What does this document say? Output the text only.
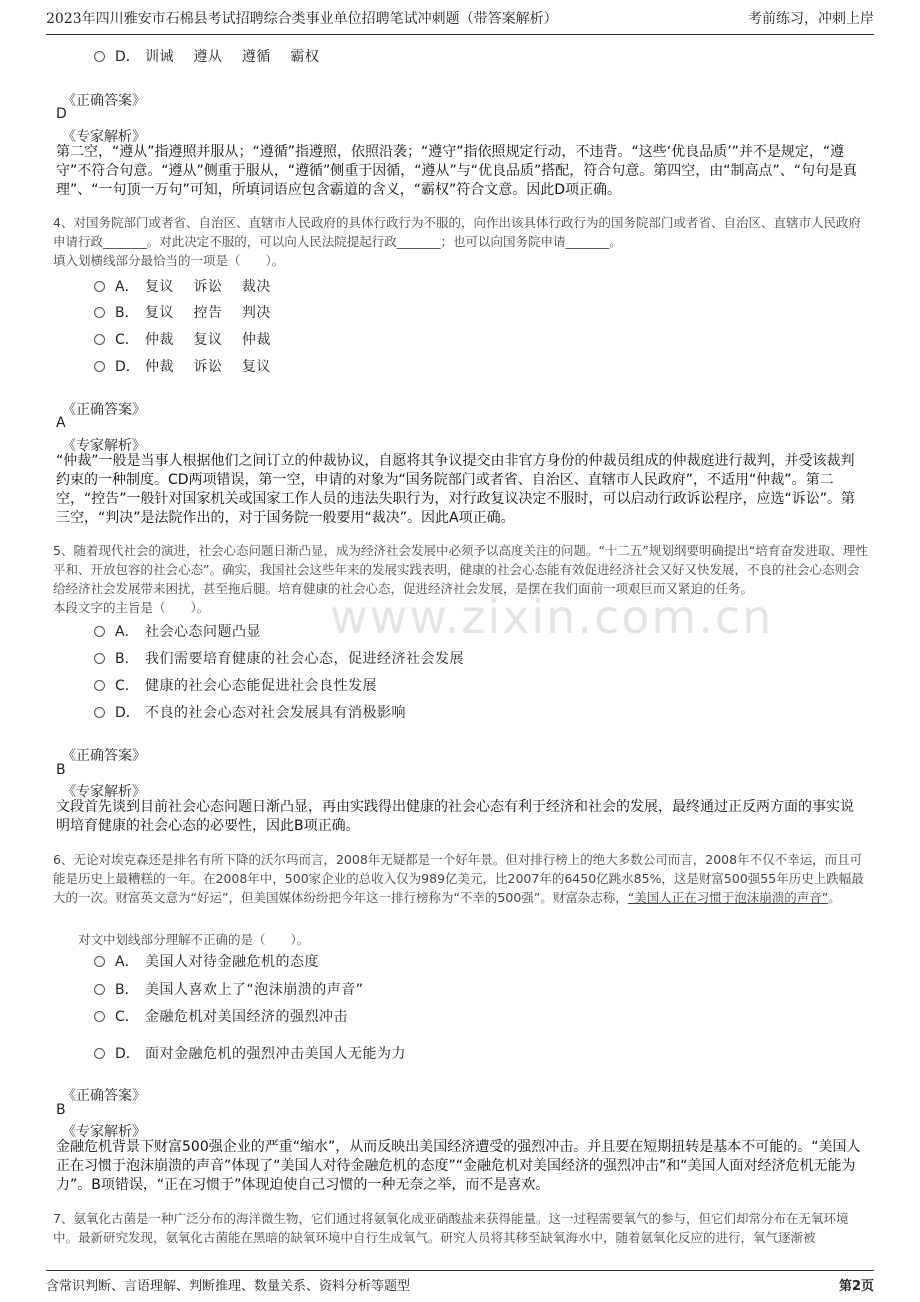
2023年四川雅安市石棉县考试招聘综合类事业单位招聘笔试冲刺题（带答案解析）	考前练习，冲刺上岸
www.zixin.com.cn
D． 训诫　 遵从　 遵循　 霸权
《正确答案》
D
《专家解析》
第二空，“遵从”指遵照并服从；“遵循”指遵照，依照沿袭；“遵守”指依照规定行动，不违背。“这些‘优良品质’”并不是规定，“遵守”不符合句意。“遵从”侧重于服从，“遵循”侧重于因循，“遵从”与“优良品质”搭配，符合句意。第四空，由“制高点”、“句句是真理”、“一句顶一万句”可知，所填词语应包含霸道的含义，“霸权”符合文意。因此D项正确。
4、对国务院部门或者省、自治区、直辖市人民政府的具体行政行为不服的，向作出该具体行政行为的国务院部门或者省、自治区、直辖市人民政府申请行政_______。对此决定不服的，可以向人民法院提起行政_______；也可以向国务院申请_______。
填入划横线部分最恰当的一项是（　　）。
A． 复议　 诉讼　 裁决
B． 复议　 控告　 判决
C． 仲裁　 复议　 仲裁
D． 仲裁　 诉讼　 复议
《正确答案》
A
《专家解析》
“仲裁”一般是当事人根据他们之间订立的仲裁协议，自愿将其争议提交由非官方身份的仲裁员组成的仲裁庭进行裁判，并受该裁判约束的一种制度。CD两项错误，第一空，申请的对象为“国务院部门或者省、自治区、直辖市人民政府”，不适用“仲裁”。第二空，“控告”一般针对国家机关或国家工作人员的违法失职行为，对行政复议决定不服时，可以启动行政诉讼程序，应选“诉讼”。第三空，“判决”是法院作出的，对于国务院一般要用“裁决”。因此A项正确。
5、随着现代社会的演进，社会心态问题日渐凸显，成为经济社会发展中必须予以高度关注的问题。“十二五”规划纲要明确提出“培育奋发进取、理性平和、开放包容的社会心态”。确实，我国社会这些年来的发展实践表明，健康的社会心态能有效促进经济社会又好又快发展，不良的社会心态则会给经济社会发展带来困扰，甚至拖后腿。培育健康的社会心态，促进经济社会发展，是摆在我们面前一项艰巨而又紧迫的任务。
本段文字的主旨是（　　）。
A． 社会心态问题凸显
B． 我们需要培育健康的社会心态，促进经济社会发展
C． 健康的社会心态能促进社会良性发展
D． 不良的社会心态对社会发展具有消极影响
《正确答案》
B
《专家解析》
文段首先谈到目前社会心态问题日渐凸显，再由实践得出健康的社会心态有利于经济和社会的发展，最终通过正反两方面的事实说明培育健康的社会心态的必要性，因此B项正确。
6、无论对埃克森还是排名有所下降的沃尔玛而言，2008年无疑都是一个好年景。但对排行榜上的绝大多数公司而言，2008年不仅不幸运，而且可能是历史上最糟糕的一年。在2008年中，500家企业的总收入仅为989亿美元，比2007年的6450亿跳水85%，这是财富500强55年历史上跌幅最大的一次。财富英文意为“好运”，但美国媒体纷纷把今年这一排行榜称为“不幸的500强”。财富杂志称，“美国人正在习惯于泡沫崩溃的声音”。
对文中划线部分理解不正确的是（　　）。
A． 美国人对待金融危机的态度
B． 美国人喜欢上了“泡沫崩溃的声音”
C． 金融危机对美国经济的强烈冲击
D． 面对金融危机的强烈冲击美国人无能为力
《正确答案》
B
《专家解析》
金融危机背景下财富500强企业的严重“缩水”，从而反映出美国经济遭受的强烈冲击。并且要在短期扭转是基本不可能的。“美国人正在习惯于泡沫崩溃的声音”体现了“美国人对待金融危机的态度”“金融危机对美国经济的强烈冲击”和“美国人面对经济危机无能为力”。B项错误，“正在习惯于”体现迫使自己习惯的一种无奈之举，而不是喜欢。
7、氨氧化古菌是一种广泛分布的海洋微生物，它们通过将氨氧化成亚硝酸盐来获得能量。这一过程需要氧气的参与，但它们却常分布在无氧环境中。最新研究发现，氨氧化古菌能在黑暗的缺氧环境中自行生成氧气。研究人员将其移至缺氧海水中，随着氨氧化反应的进行，氧气逐渐被
含常识判断、言语理解、判断推理、数量关系、资料分析等题型	第2页
